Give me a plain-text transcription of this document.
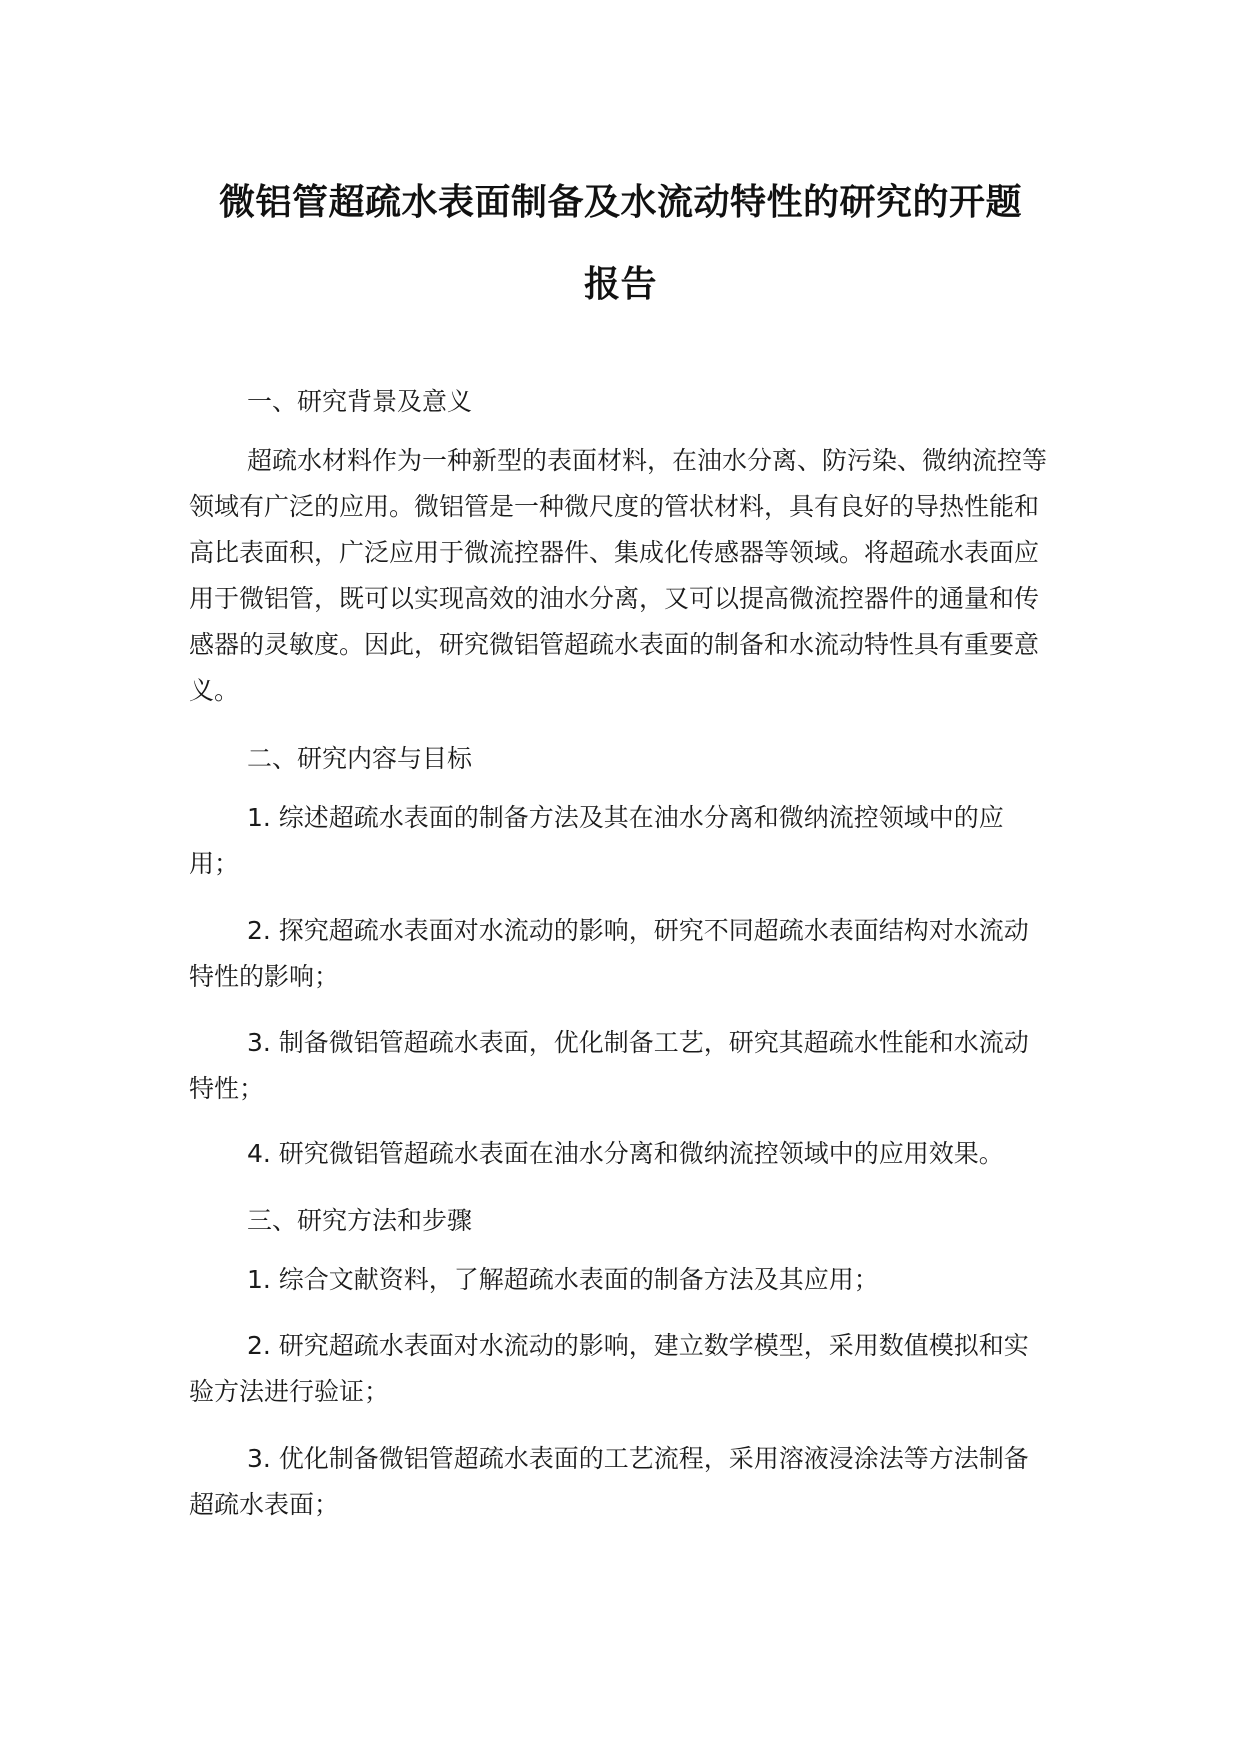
微铝管超疏水表面制备及水流动特性的研究的开题
报告

一、研究背景及意义

超疏水材料作为一种新型的表面材料，在油水分离、防污染、微纳流控等领域有广泛的应用。微铝管是一种微尺度的管状材料，具有良好的导热性能和高比表面积，广泛应用于微流控器件、集成化传感器等领域。将超疏水表面应用于微铝管，既可以实现高效的油水分离，又可以提高微流控器件的通量和传感器的灵敏度。因此，研究微铝管超疏水表面的制备和水流动特性具有重要意义。

二、研究内容与目标

1. 综述超疏水表面的制备方法及其在油水分离和微纳流控领域中的应用；

2. 探究超疏水表面对水流动的影响，研究不同超疏水表面结构对水流动特性的影响；

3. 制备微铝管超疏水表面，优化制备工艺，研究其超疏水性能和水流动特性；

4. 研究微铝管超疏水表面在油水分离和微纳流控领域中的应用效果。

三、研究方法和步骤

1. 综合文献资料，了解超疏水表面的制备方法及其应用；

2. 研究超疏水表面对水流动的影响，建立数学模型，采用数值模拟和实验方法进行验证；

3. 优化制备微铝管超疏水表面的工艺流程，采用溶液浸涂法等方法制备超疏水表面；
